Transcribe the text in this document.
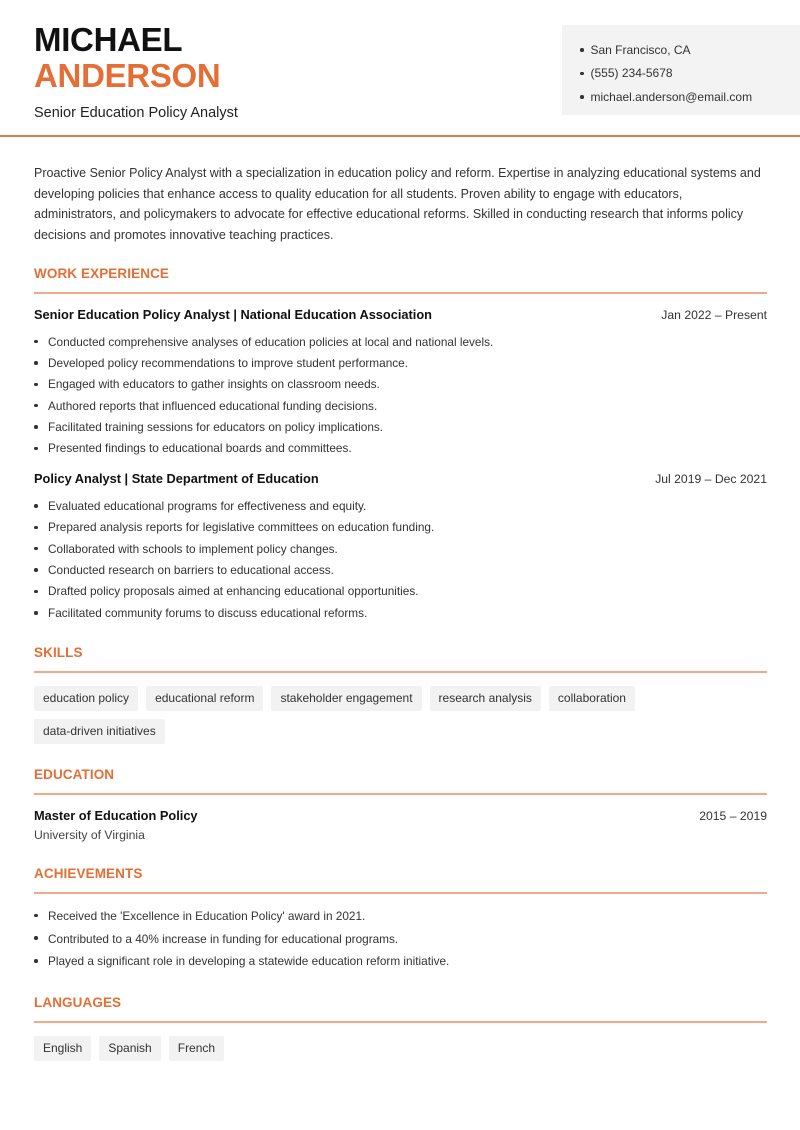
MICHAEL
ANDERSON
Senior Education Policy Analyst
San Francisco, CA
(555) 234-5678
michael.anderson@email.com

Proactive Senior Policy Analyst with a specialization in education policy and reform. Expertise in analyzing educational systems and developing policies that enhance access to quality education for all students. Proven ability to engage with educators, administrators, and policymakers to advocate for effective educational reforms. Skilled in conducting research that informs policy decisions and promotes innovative teaching practices.

WORK EXPERIENCE
Senior Education Policy Analyst | National Education Association	Jan 2022 – Present
Conducted comprehensive analyses of education policies at local and national levels.
Developed policy recommendations to improve student performance.
Engaged with educators to gather insights on classroom needs.
Authored reports that influenced educational funding decisions.
Facilitated training sessions for educators on policy implications.
Presented findings to educational boards and committees.
Policy Analyst | State Department of Education	Jul 2019 – Dec 2021
Evaluated educational programs for effectiveness and equity.
Prepared analysis reports for legislative committees on education funding.
Collaborated with schools to implement policy changes.
Conducted research on barriers to educational access.
Drafted policy proposals aimed at enhancing educational opportunities.
Facilitated community forums to discuss educational reforms.
SKILLS
education policy	educational reform	stakeholder engagement	research analysis	collaboration
data-driven initiatives
EDUCATION
Master of Education Policy	2015 – 2019
University of Virginia
ACHIEVEMENTS
Received the 'Excellence in Education Policy' award in 2021.
Contributed to a 40% increase in funding for educational programs.
Played a significant role in developing a statewide education reform initiative.
LANGUAGES
English	Spanish	French
